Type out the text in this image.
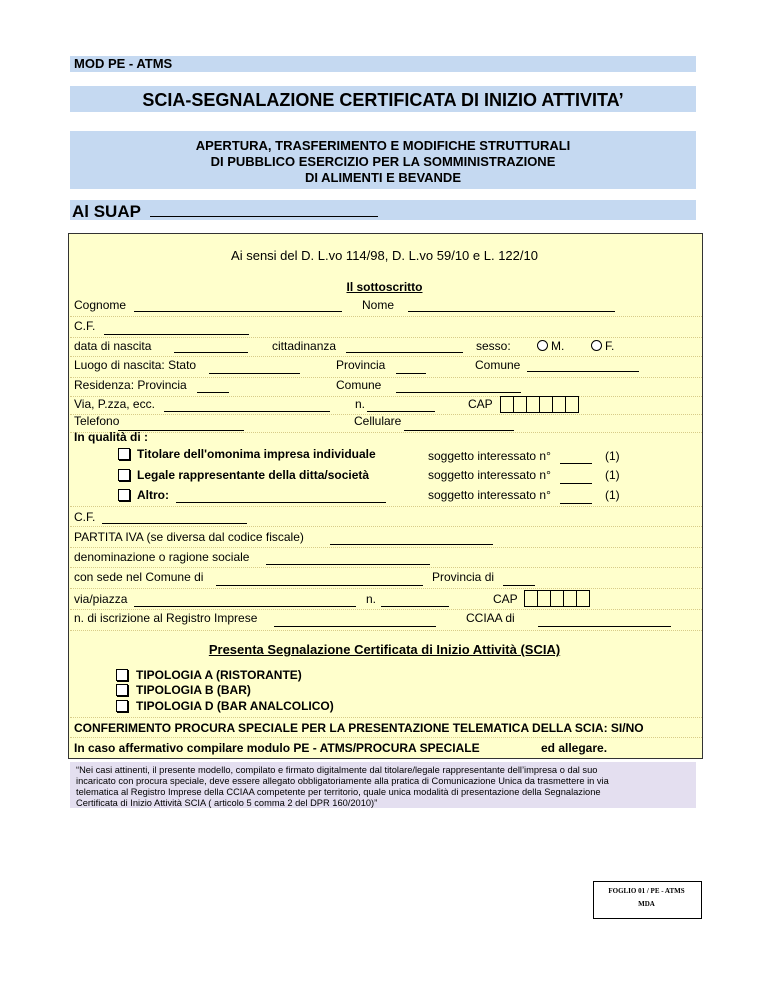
MOD PE - ATMS
SCIA-SEGNALAZIONE CERTIFICATA DI INIZIO ATTIVITA’
APERTURA, TRASFERIMENTO E MODIFICHE STRUTTURALI
DI PUBBLICO ESERCIZIO PER LA SOMMINISTRAZIONE
DI ALIMENTI E BEVANDE
Al SUAP
Ai sensi del D. L.vo 114/98, D. L.vo 59/10 e L. 122/10
Il sottoscritto
Cognome	Nome
C.F.
data di nascita	cittadinanza	sesso:	M.	F.
Luogo di nascita: Stato	Provincia	Comune
Residenza: Provincia	Comune
Via, P.zza, ecc.	n.	CAP
Telefono	Cellulare
In qualità di :
Titolare dell'omonima impresa individuale	soggetto interessato n°	(1)
Legale rappresentante della ditta/società	soggetto interessato n°	(1)
Altro:	soggetto interessato n°	(1)
C.F.
PARTITA IVA (se diversa dal codice fiscale)
denominazione o ragione sociale
con sede nel Comune di	Provincia di
via/piazza	n.	CAP
n. di iscrizione al Registro Imprese	CCIAA di
Presenta Segnalazione Certificata di Inizio Attività (SCIA)
TIPOLOGIA A (RISTORANTE)
TIPOLOGIA B (BAR)
TIPOLOGIA D (BAR ANALCOLICO)
CONFERIMENTO PROCURA SPECIALE PER LA PRESENTAZIONE TELEMATICA DELLA SCIA: SI/NO
In caso affermativo compilare modulo PE - ATMS/PROCURA SPECIALE	ed allegare.
“Nei casi attinenti, il presente modello, compilato e firmato digitalmente dal titolare/legale rappresentante dell’impresa o dal suo
incaricato con procura speciale, deve essere allegato obbligatoriamente alla pratica di Comunicazione Unica da trasmettere in via
telematica al Registro Imprese della CCIAA competente per territorio, quale unica modalità di presentazione della Segnalazione
Certificata di Inizio Attività SCIA ( articolo 5 comma 2 del DPR 160/2010)”
FOGLIO 01 / PE - ATMS
MDA
